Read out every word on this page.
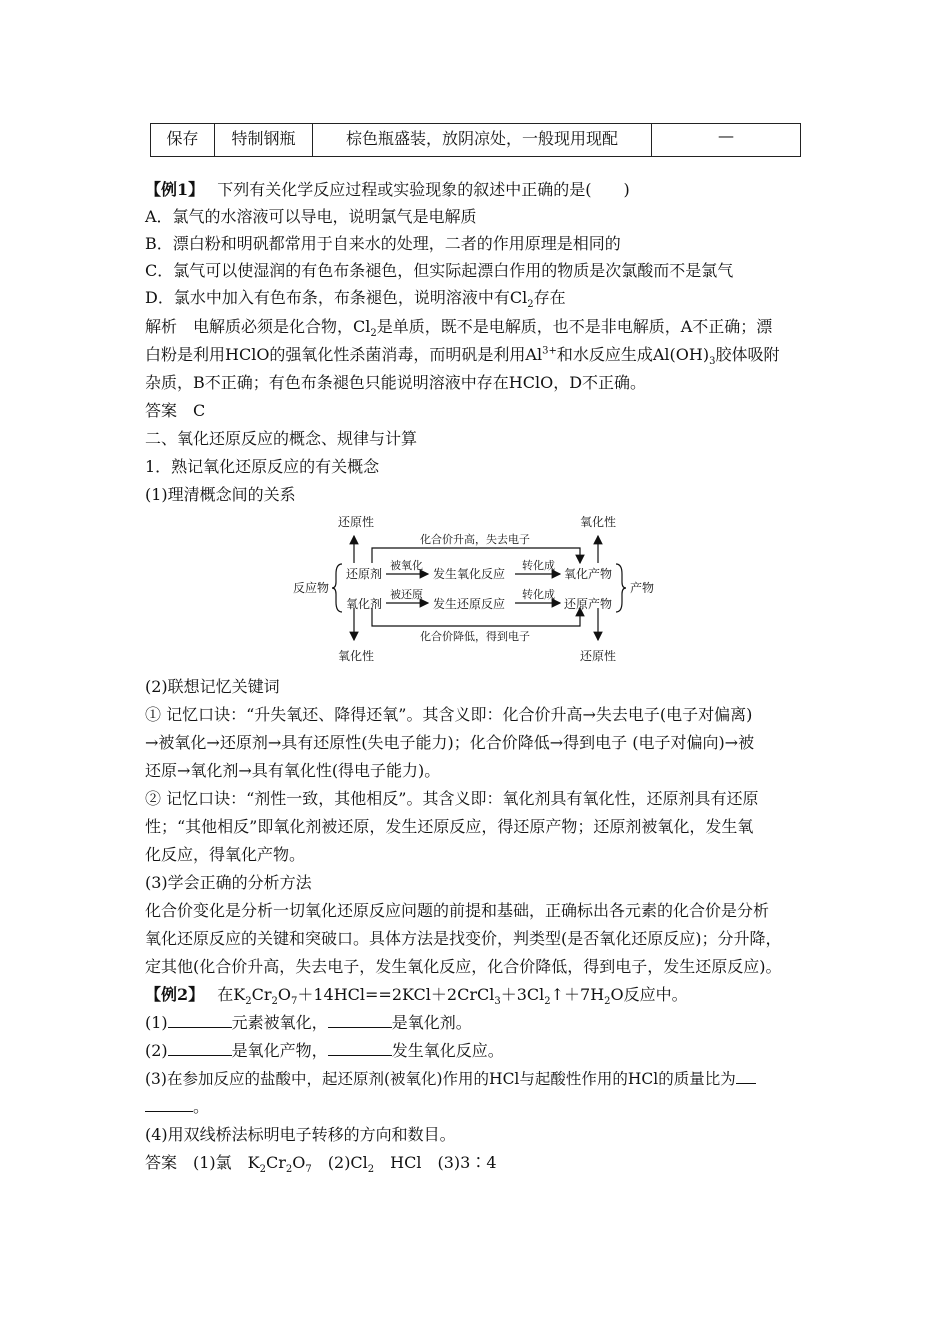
保存	特制钢瓶	棕色瓶盛装，放阴凉处，一般现用现配	—
【例1】　 下列有关化学反应过程或实验现象的叙述中正确的是(　　)
A．氯气的水溶液可以导电，说明氯气是电解质
B．漂白粉和明矾都常用于自来水的处理，二者的作用原理是相同的
C．氯气可以使湿润的有色布条褪色，但实际起漂白作用的物质是次氯酸而不是氯气
D．氯水中加入有色布条，布条褪色，说明溶液中有$Cl_2$存在
解析　电解质必须是化合物，$Cl_2$是单质，既不是电解质，也不是非电解质，A不正确；漂
白粉是利用HClO的强氧化性杀菌消毒，而明矾是利用$Al^{3+}$和水反应生成$Al(OH)_3$胶体吸附
杂质，B不正确；有色布条褪色只能说明溶液中存在HClO，D不正确。
答案　C
二、氧化还原反应的概念、规律与计算
1．熟记氧化还原反应的有关概念
(1)理清概念间的关系
还原性	氧化性
氧化性	还原性
反应物	产物
还原剂
氧化剂
被氧化
被还原
发生氧化反应
发生还原反应
转化成
转化成
氧化产物
还原产物
化合价升高，失去电子
化合价降低，得到电子
(2)联想记忆关键词
① 记忆口诀：“升失氧还、降得还氧”。其含义即：化合价升高→失去电子(电子对偏离)
→被氧化→还原剂→具有还原性(失电子能力)；化合价降低→得到电子 (电子对偏向)→被
还原→氧化剂→具有氧化性(得电子能力)。
② 记忆口诀：“剂性一致，其他相反”。其含义即：氧化剂具有氧化性，还原剂具有还原
性；“其他相反”即氧化剂被还原，发生还原反应，得还原产物；还原剂被氧化，发生氧
化反应，得氧化产物。
(3)学会正确的分析方法
化合价变化是分析一切氧化还原反应问题的前提和基础，正确标出各元素的化合价是分析
氧化还原反应的关键和突破口。具体方法是找变价，判类型(是否氧化还原反应)；分升降，
定其他(化合价升高，失去电子，发生氧化反应，化合价降低，得到电子，发生还原反应)。
【例2】　 在$K_2Cr_2O_7+14HCl==2KCl+2CrCl_3+3Cl_2↑+7H_2O$反应中。
(1)	元素被氧化，	是氧化剂。
(2)	是氧化产物，	发生氧化反应。
(3)在参加反应的盐酸中，起还原剂(被氧化)作用的HCl与起酸性作用的HCl的质量比为
。
(4)用双线桥法标明电子转移的方向和数目。
答案　(1)氯　$K_2Cr_2O_7$　$(2)Cl_2$　HCl　(3)3∶4
